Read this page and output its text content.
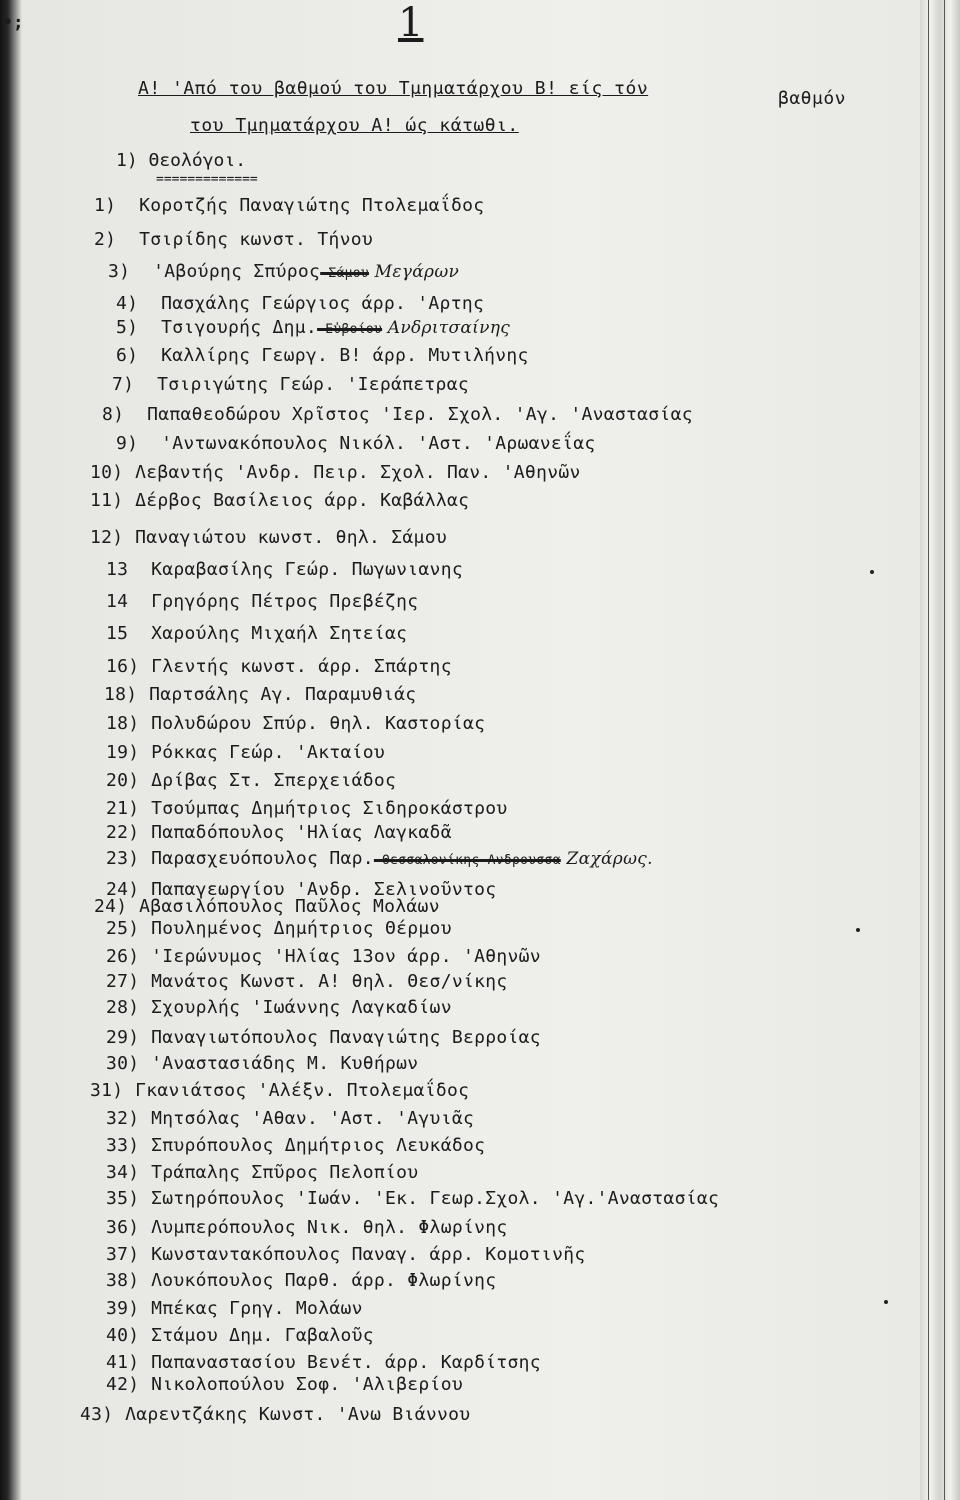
•;	1
Α! 'Από του βαθμού του Τμηματάρχου Β! είς τόν	βαθμόν
του Τμηματάρχου Α! ώς κάτωθι.
1) Θεολόγοι.
=============
1) Κοροτζής Παναγιώτης Πτολεμαΐδος
2) Τσιρίδης κωνστ. Τήνου
3) 'Αβούρης Σπύρος Σάμου Μεγάρων
4) Πασχάλης Γεώργιος άρρ. 'Αρτης
5) Τσιγουρής Δημ. Εὐβοίου Ανδριτσαίνης
6) Καλλίρης Γεωργ. Β! άρρ. Μυτιλήνης
7) Τσιριγώτης Γεώρ. 'Ιεράπετρας
8) Παπαθεοδώρου Χρῖστος 'Ιερ. Σχολ. 'Αγ. 'Αναστασίας
9) 'Αντωνακόπουλος Νικόλ. 'Αστ. 'Αρωανεΐας
10) Λεβαντής 'Ανδρ. Πειρ. Σχολ. Παν. 'Αθηνῶν
11) Δέρβος Βασίλειος άρρ. Καβάλλας
12) Παναγιώτου κωνστ. θηλ. Σάμου
13 Καραβασίλης Γεώρ. Πωγωνιανης
14 Γρηγόρης Πέτρος Πρεβέζης
15 Χαρούλης Μιχαήλ Σητείας
16) Γλεντής κωνστ. άρρ. Σπάρτης
18) Παρτσάλης Αγ. Παραμυθιάς
18) Πολυδώρου Σπύρ. θηλ. Καστορίας
19) Ρόκκας Γεώρ. 'Ακταίου
20) Δρίβας Στ. Σπερχειάδος
21) Τσούμπας Δημήτριος Σιδηροκάστρου
22) Παπαδόπουλος 'Ηλίας Λαγκαδᾶ
23) Παρασχευόπουλος Παρ. Θεσσαλονίκης Ανδρουσσα Ζαχάρως.
24) Παπαγεωργίου 'Ανδρ. Σελινοῦντος
24) Αβασιλόπουλος Παῦλος Μολάων
25) Πουλημένος Δημήτριος Θέρμου
26) 'Ιερώνυμος 'Ηλίας 13ον άρρ. 'Αθηνῶν
27) Μανάτος Κωνστ. Α! θηλ. Θεσ/νίκης
28) Σχουρλής 'Ιωάννης Λαγκαδίων
29) Παναγιωτόπουλος Παναγιώτης Βερροίας
30) 'Αναστασιάδης Μ. Κυθήρων
31) Γκανιάτσος 'Αλέξν. Πτολεμαΐδος
32) Μητσόλας 'Αθαν. 'Αστ. 'Αγυιᾶς
33) Σπυρόπουλος Δημήτριος Λευκάδος
34) Τράπαλης Σπῦρος Πελοπίου
35) Σωτηρόπουλος 'Ιωάν. 'Εκ. Γεωρ.Σχολ. 'Αγ.'Αναστασίας
36) Λυμπερόπουλος Νικ. θηλ. Φλωρίνης
37) Κωνσταντακόπουλος Παναγ. άρρ. Κομοτινῆς
38) Λουκόπουλος Παρθ. άρρ. Φλωρίνης
39) Μπέκας Γρηγ. Μολάων
40) Στάμου Δημ. Γαβαλοῦς
41) Παπαναστασίου Βενέτ. άρρ. Καρδίτσης
42) Νικολοπούλου Σοφ. 'Αλιβερίου
43) Λαρεντζάκης Κωνστ. 'Ανω Βιάννου
